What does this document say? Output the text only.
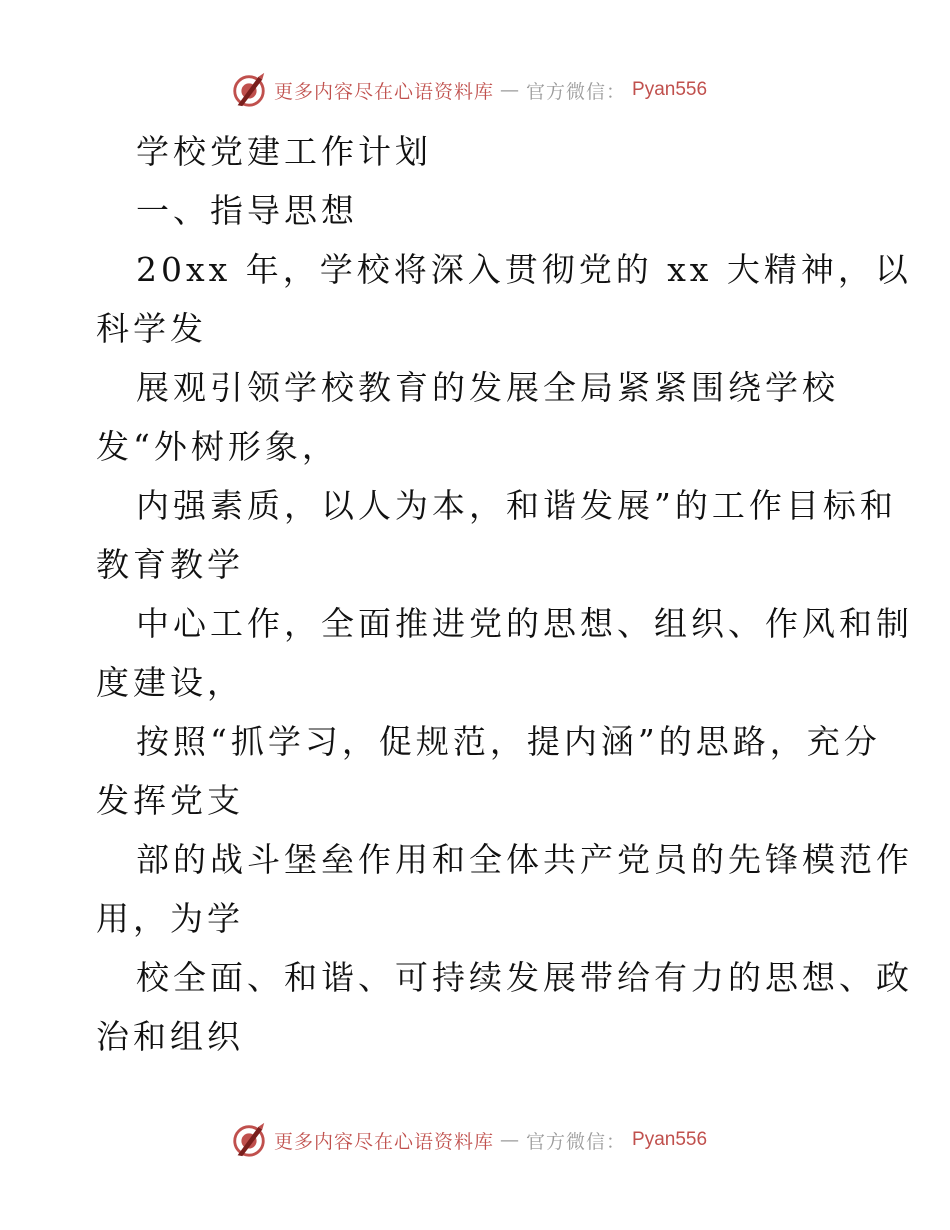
更多内容尽在心语资料库 — 官方微信： Pyan556
学校党建工作计划
一、指导思想
20xx 年，学校将深入贯彻党的 xx 大精神，以
科学发
展观引领学校教育的发展全局紧紧围绕学校
发“外树形象，
内强素质，以人为本，和谐发展”的工作目标和
教育教学
中心工作，全面推进党的思想、组织、作风和制
度建设，
按照“抓学习，促规范，提内涵”的思路，充分
发挥党支
部的战斗堡垒作用和全体共产党员的先锋模范作
用，为学
校全面、和谐、可持续发展带给有力的思想、政
治和组织
更多内容尽在心语资料库 — 官方微信： Pyan556
